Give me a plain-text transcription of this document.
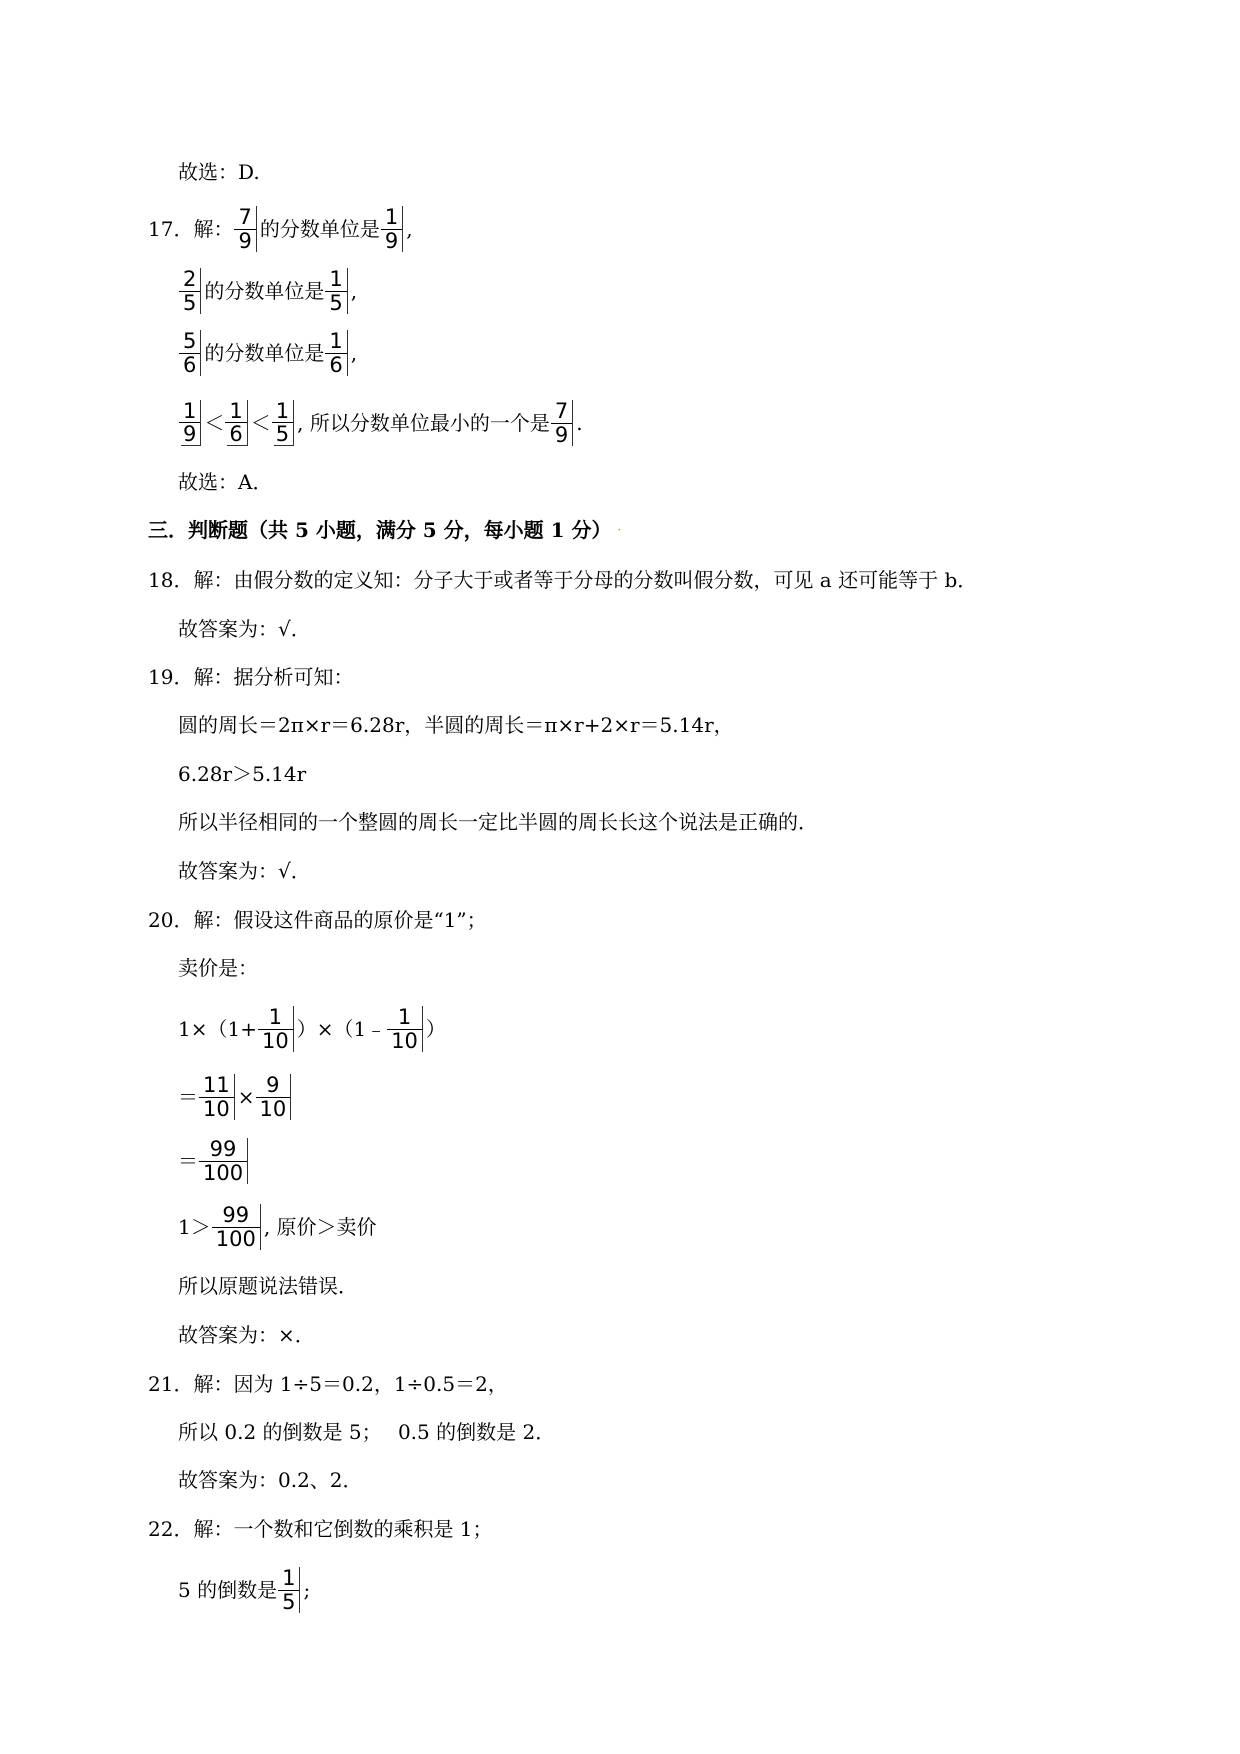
故选：D.
17．解： $\frac{7}{9}$ 的分数单位是 $\frac{1}{9}$ ,
$\frac{2}{5}$ 的分数单位是 $\frac{1}{5}$ ,
$\frac{5}{6}$ 的分数单位是 $\frac{1}{6}$ ,
$\frac{1}{9} < \frac{1}{6} < \frac{1}{5}$ , 所以分数单位最小的一个是 $\frac{7}{9}$ .
故选：A．
三．判断题（共 5 小题，满分 5 分，每小题 1 分） ·
18．解：由假分数的定义知：分子大于或者等于分母的分数叫假分数，可见 a 还可能等于 b．
故答案为：√．
19．解：据分析可知：
圆的周长＝2π×r＝6.28r，半圆的周长＝π×r+2×r＝5.14r，
6.28r＞5.14r
所以半径相同的一个整圆的周长一定比半圆的周长长这个说法是正确的．
故答案为：√．
20．解：假设这件商品的原价是“1”；
卖价是：
$1\times(1+ \frac{1}{10}$ ）×（1﹣ $\frac{1}{10}$ ）
＝ $\frac{11}{10} \times \frac{9}{10}$
＝ $\frac{99}{100}$
$1> \frac{99}{100}$ , 原价＞卖价
所以原题说法错误．
故答案为：×．
21．解：因为 1÷5＝0.2，1÷0.5＝2，
所以 0.2 的倒数是 5；　 0.5 的倒数是 2．
故答案为：0.2、2．
22．解：一个数和它倒数的乘积是 1；
5 的倒数是 $\frac{1}{5}$ ;
